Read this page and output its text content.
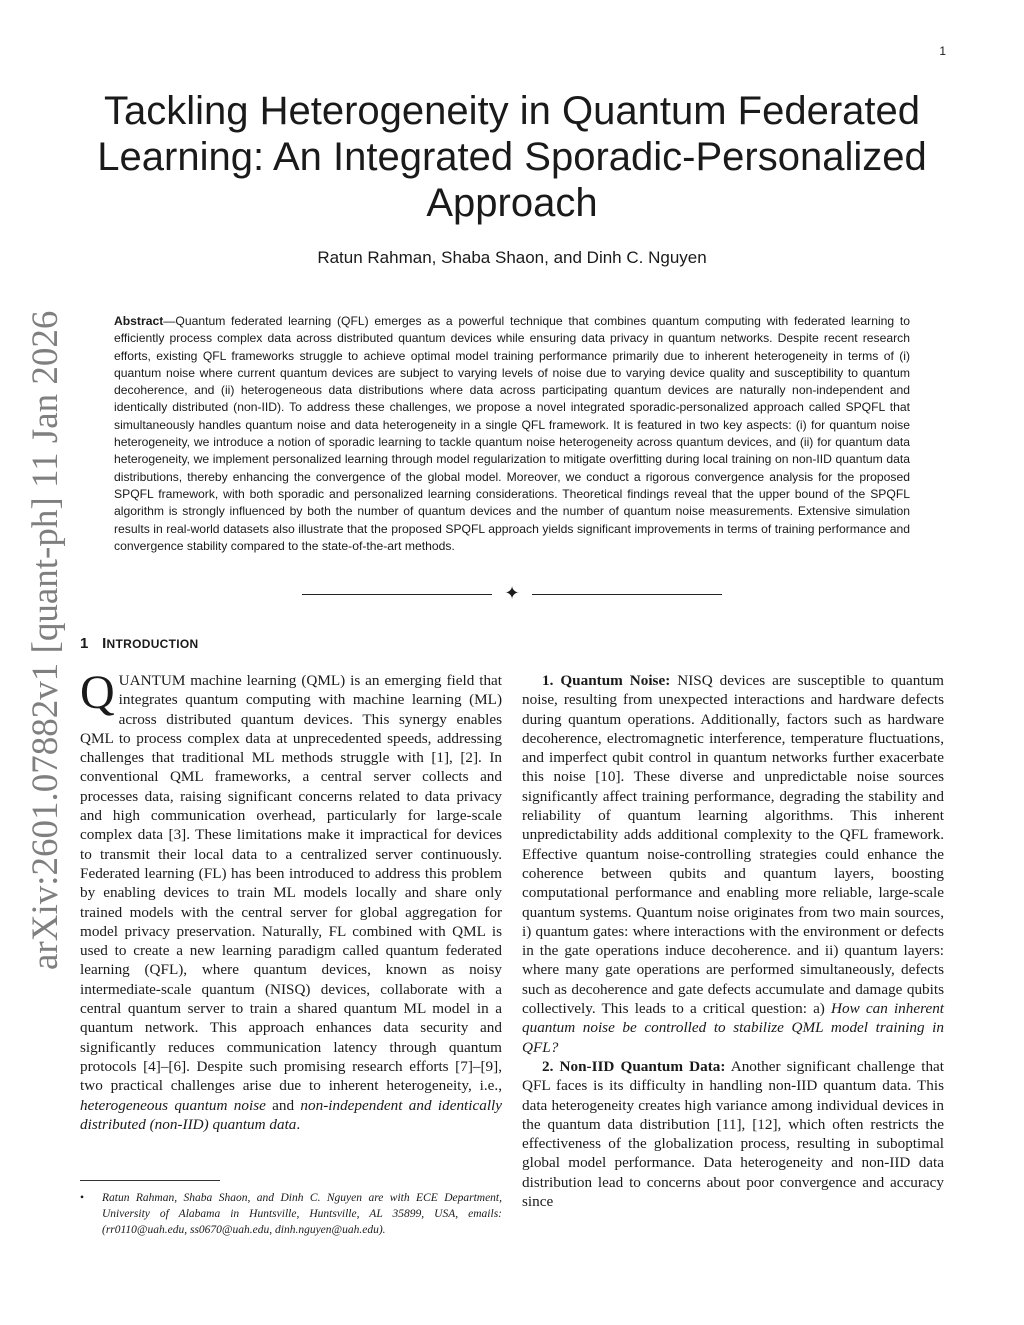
1
arXiv:2601.07882v1 [quant-ph] 11 Jan 2026
Tackling Heterogeneity in Quantum Federated Learning: An Integrated Sporadic-Personalized Approach
Ratun Rahman, Shaba Shaon, and Dinh C. Nguyen
Abstract—Quantum federated learning (QFL) emerges as a powerful technique that combines quantum computing with federated learning to efficiently process complex data across distributed quantum devices while ensuring data privacy in quantum networks. Despite recent research efforts, existing QFL frameworks struggle to achieve optimal model training performance primarily due to inherent heterogeneity in terms of (i) quantum noise where current quantum devices are subject to varying levels of noise due to varying device quality and susceptibility to quantum decoherence, and (ii) heterogeneous data distributions where data across participating quantum devices are naturally non-independent and identically distributed (non-IID). To address these challenges, we propose a novel integrated sporadic-personalized approach called SPQFL that simultaneously handles quantum noise and data heterogeneity in a single QFL framework. It is featured in two key aspects: (i) for quantum noise heterogeneity, we introduce a notion of sporadic learning to tackle quantum noise heterogeneity across quantum devices, and (ii) for quantum data heterogeneity, we implement personalized learning through model regularization to mitigate overfitting during local training on non-IID quantum data distributions, thereby enhancing the convergence of the global model. Moreover, we conduct a rigorous convergence analysis for the proposed SPQFL framework, with both sporadic and personalized learning considerations. Theoretical findings reveal that the upper bound of the SPQFL algorithm is strongly influenced by both the number of quantum devices and the number of quantum noise measurements. Extensive simulation results in real-world datasets also illustrate that the proposed SPQFL approach yields significant improvements in terms of training performance and convergence stability compared to the state-of-the-art methods.
✦
1 INTRODUCTION

QUANTUM machine learning (QML) is an emerging field that integrates quantum computing with machine learning (ML) across distributed quantum devices. This synergy enables QML to process complex data at unprecedented speeds, addressing challenges that traditional ML methods struggle with [1], [2]. In conventional QML frameworks, a central server collects and processes data, raising significant concerns related to data privacy and high communication overhead, particularly for large-scale complex data [3]. These limitations make it impractical for devices to transmit their local data to a centralized server continuously. Federated learning (FL) has been introduced to address this problem by enabling devices to train ML models locally and share only trained models with the central server for global aggregation for model privacy preservation. Naturally, FL combined with QML is used to create a new learning paradigm called quantum federated learning (QFL), where quantum devices, known as noisy intermediate-scale quantum (NISQ) devices, collaborate with a central quantum server to train a shared quantum ML model in a quantum network. This approach enhances data security and significantly reduces communication latency through quantum protocols [4]–[6]. Despite such promising research efforts [7]–[9], two practical challenges arise due to inherent heterogeneity, i.e., heterogeneous quantum noise and non-independent and identically distributed (non-IID) quantum data.

•	Ratun Rahman, Shaba Shaon, and Dinh C. Nguyen are with ECE Department, University of Alabama in Huntsville, Huntsville, AL 35899, USA, emails: (rr0110@uah.edu, ss0670@uah.edu, dinh.nguyen@uah.edu).

1. Quantum Noise: NISQ devices are susceptible to quantum noise, resulting from unexpected interactions and hardware defects during quantum operations. Additionally, factors such as hardware decoherence, electromagnetic interference, temperature fluctuations, and imperfect qubit control in quantum networks further exacerbate this noise [10]. These diverse and unpredictable noise sources significantly affect training performance, degrading the stability and reliability of quantum learning algorithms. This inherent unpredictability adds additional complexity to the QFL framework. Effective quantum noise-controlling strategies could enhance the coherence between qubits and quantum layers, boosting computational performance and enabling more reliable, large-scale quantum systems. Quantum noise originates from two main sources, i) quantum gates: where interactions with the environment or defects in the gate operations induce decoherence. and ii) quantum layers: where many gate operations are performed simultaneously, defects such as decoherence and gate defects accumulate and damage qubits collectively. This leads to a critical question: a) How can inherent quantum noise be controlled to stabilize QML model training in QFL?

2. Non-IID Quantum Data: Another significant challenge that QFL faces is its difficulty in handling non-IID quantum data. This data heterogeneity creates high variance among individual devices in the quantum data distribution [11], [12], which often restricts the effectiveness of the globalization process, resulting in suboptimal global model performance. Data heterogeneity and non-IID data distribution lead to concerns about poor convergence and accuracy since
